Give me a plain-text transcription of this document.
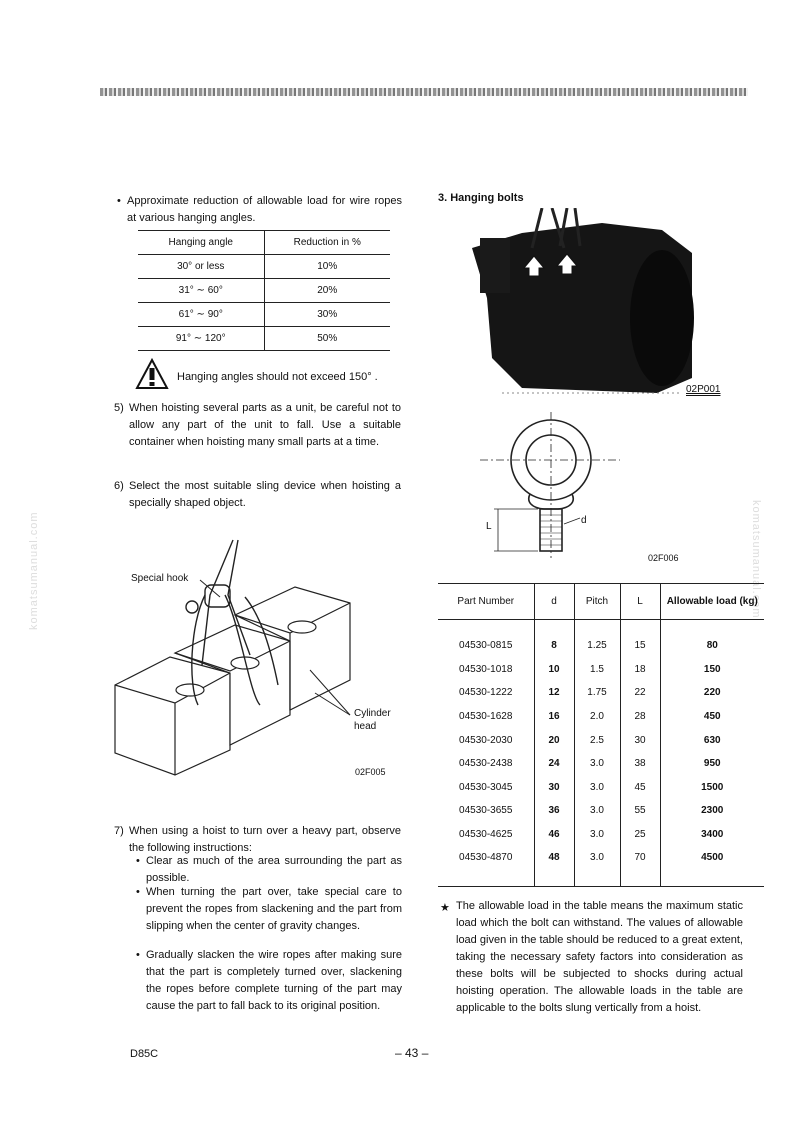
komatsumanual.com	komatsumanual.com
• Approximate reduction of allowable load for wire ropes at various hanging angles.
Hanging angle	Reduction in %
30° or less	10%
31° ∼ 60°	20%
61° ∼ 90°	30%
91° ∼ 120°	50%
Hanging angles should not exceed 150° .
5) When hoisting several parts as a unit, be careful not to allow any part of the unit to fall. Use a suitable container when hoisting many small parts at a time.
6) Select the most suitable sling device when hoisting a specially shaped object.
Special hook
Cylinder head
02F005
7) When using a hoist to turn over a heavy part, observe the following instructions:
• Clear as much of the area surrounding the part as possible.
• When turning the part over, take special care to prevent the ropes from slackening and the part from slipping when the center of gravity changes.
• Gradually slacken the wire ropes after making sure that the part is completely turned over, slackening the ropes before complete turning of the part may cause the part to fall back to its original position.
3. Hanging bolts
02P001
L
d
02F006
Part Number	d	Pitch	L	Allowable load (kg)
04530-0815	8	1.25	15	80
04530-1018	10	1.5	18	150
04530-1222	12	1.75	22	220
04530-1628	16	2.0	28	450
04530-2030	20	2.5	30	630
04530-2438	24	3.0	38	950
04530-3045	30	3.0	45	1500
04530-3655	36	3.0	55	2300
04530-4625	46	3.0	25	3400
04530-4870	48	3.0	70	4500
★ The allowable load in the table means the maximum static load which the bolt can withstand. The values of allowable load given in the table should be reduced to a great extent, taking the necessary safety factors into consideration as these bolts will be subjected to shocks during actual hoisting operation. The allowable loads in the table are applicable to the bolts slung vertically from a hoist.
D85C	– 43 –
